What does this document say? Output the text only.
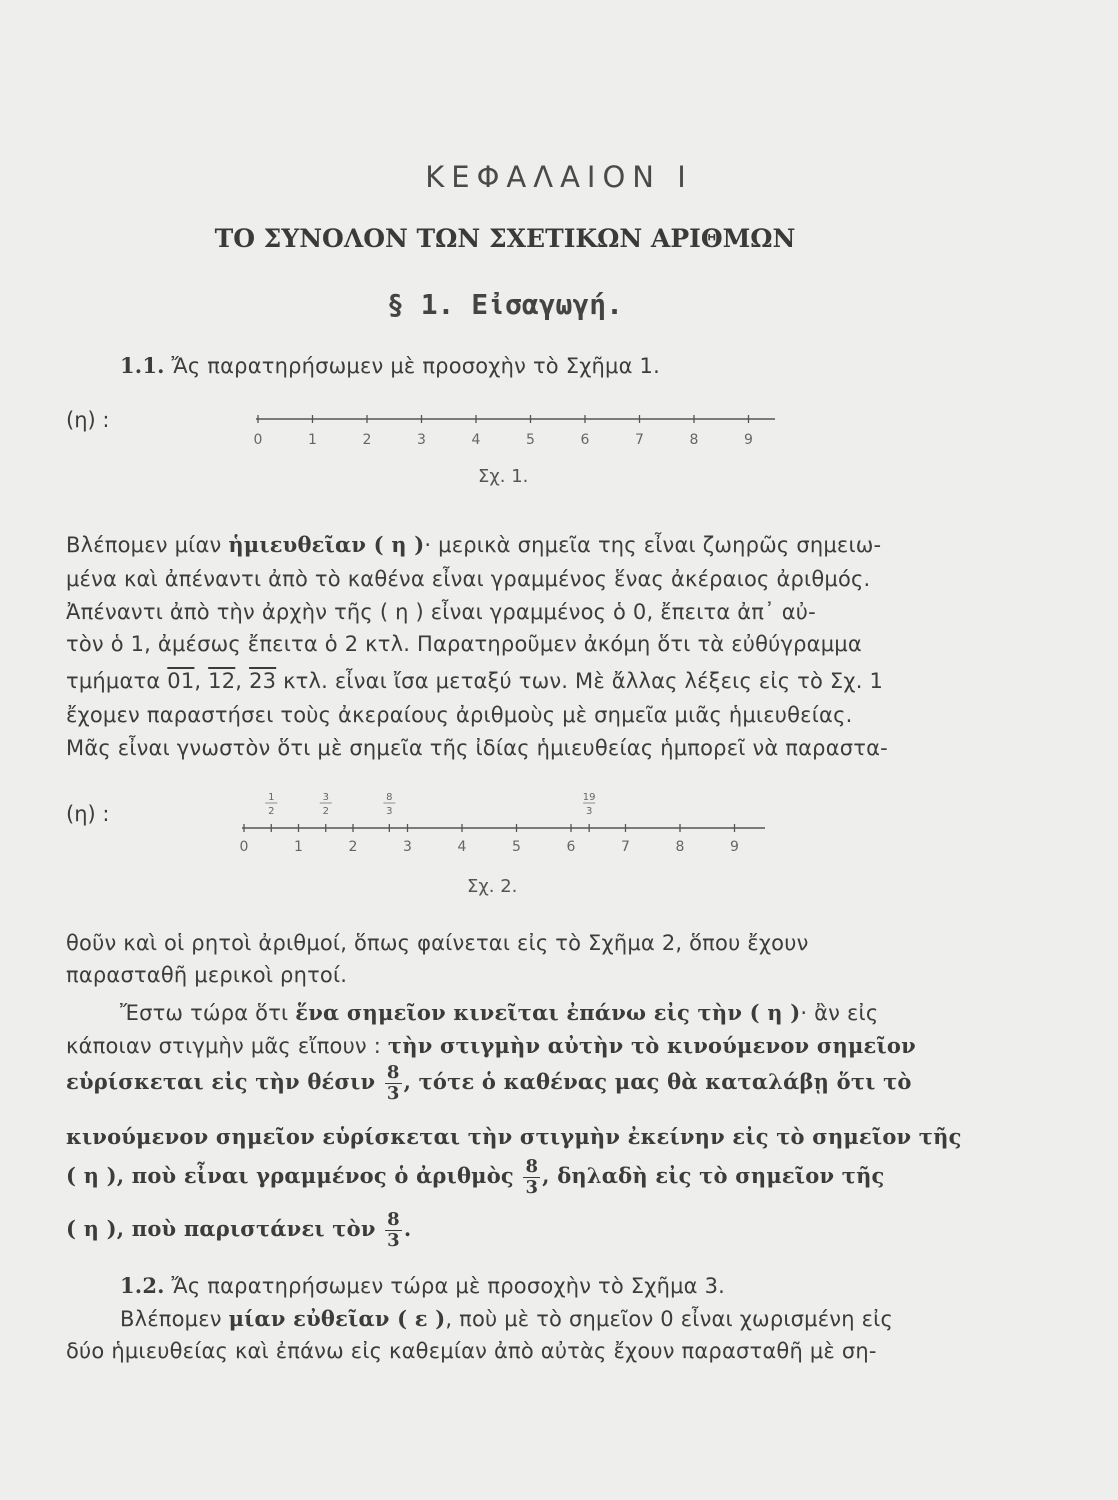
ΚΕΦΑΛΑΙΟΝ Ι
ΤΟ ΣΥΝΟΛΟΝ ΤΩΝ ΣΧΕΤΙΚΩΝ ΑΡΙΘΜΩΝ
§ 1. Εἰσαγωγή.
1.1. Ἄς παρατηρήσωμεν μὲ προσοχὴν τὸ Σχῆμα 1.
(η) :
0	1	2	3	4	5	6	7	8	9
Σχ. 1.
Βλέπομεν μίαν ἡμιευθεῖαν ( η )· μερικὰ σημεῖα της εἶναι ζωηρῶς σημειω-
μένα καὶ ἀπέναντι ἀπὸ τὸ καθένα εἶναι γραμμένος ἕνας ἀκέραιος ἀριθμός.
Ἀπέναντι ἀπὸ τὴν ἀρχὴν τῆς ( η ) εἶναι γραμμένος ὁ 0, ἔπειτα ἀπ᾿ αὐ-
τὸν ὁ 1, ἀμέσως ἔπειτα ὁ 2 κτλ. Παρατηροῦμεν ἀκόμη ὅτι τὰ εὐθύγραμμα
τμήματα 01, 12, 23 κτλ. εἶναι ἴσα μεταξύ των. Μὲ ἄλλας λέξεις εἰς τὸ Σχ. 1
ἔχομεν παραστήσει τοὺς ἀκεραίους ἀριθμοὺς μὲ σημεῖα μιᾶς ἡμιευθείας.
Μᾶς εἶναι γνωστὸν ὅτι μὲ σημεῖα τῆς ἰδίας ἡμιευθείας ἡμπορεῖ νὰ παραστα-
(η) :
0	1	2	3	4	5	6	7	8	9
1
2
3
2
8
3
19
3
Σχ. 2.
θοῦν καὶ οἱ ρητοὶ ἀριθμοί, ὅπως φαίνεται εἰς τὸ Σχῆμα 2, ὅπου ἔχουν
παρασταθῆ μερικοὶ ρητοί.
Ἔστω τώρα ὅτι ἕνα σημεῖον κινεῖται ἐπάνω εἰς τὴν ( η )· ἂν εἰς
κάποιαν στιγμὴν μᾶς εἴπουν : τὴν στιγμὴν αὐτὴν τὸ κινούμενον σημεῖον
εὑρίσκεται εἰς τὴν θέσιν $\frac{8}{3}$ , τότε ὁ καθένας μας θὰ καταλάβῃ ὅτι τὸ
κινούμενον σημεῖον εὑρίσκεται τὴν στιγμὴν ἐκείνην εἰς τὸ σημεῖον τῆς
( η ), ποὺ εἶναι γραμμένος ὁ ἀριθμὸς $\frac{8}{3}$ , δηλαδὴ εἰς τὸ σημεῖον τῆς
( η ), ποὺ παριστάνει τὸν $\frac{8}{3}$ .
1.2. Ἄς παρατηρήσωμεν τώρα μὲ προσοχὴν τὸ Σχῆμα 3.
Βλέπομεν μίαν εὐθεῖαν ( ε ), ποὺ μὲ τὸ σημεῖον 0 εἶναι χωρισμένη εἰς
δύο ἡμιευθείας καὶ ἐπάνω εἰς καθεμίαν ἀπὸ αὐτὰς ἔχουν παρασταθῆ μὲ ση-
